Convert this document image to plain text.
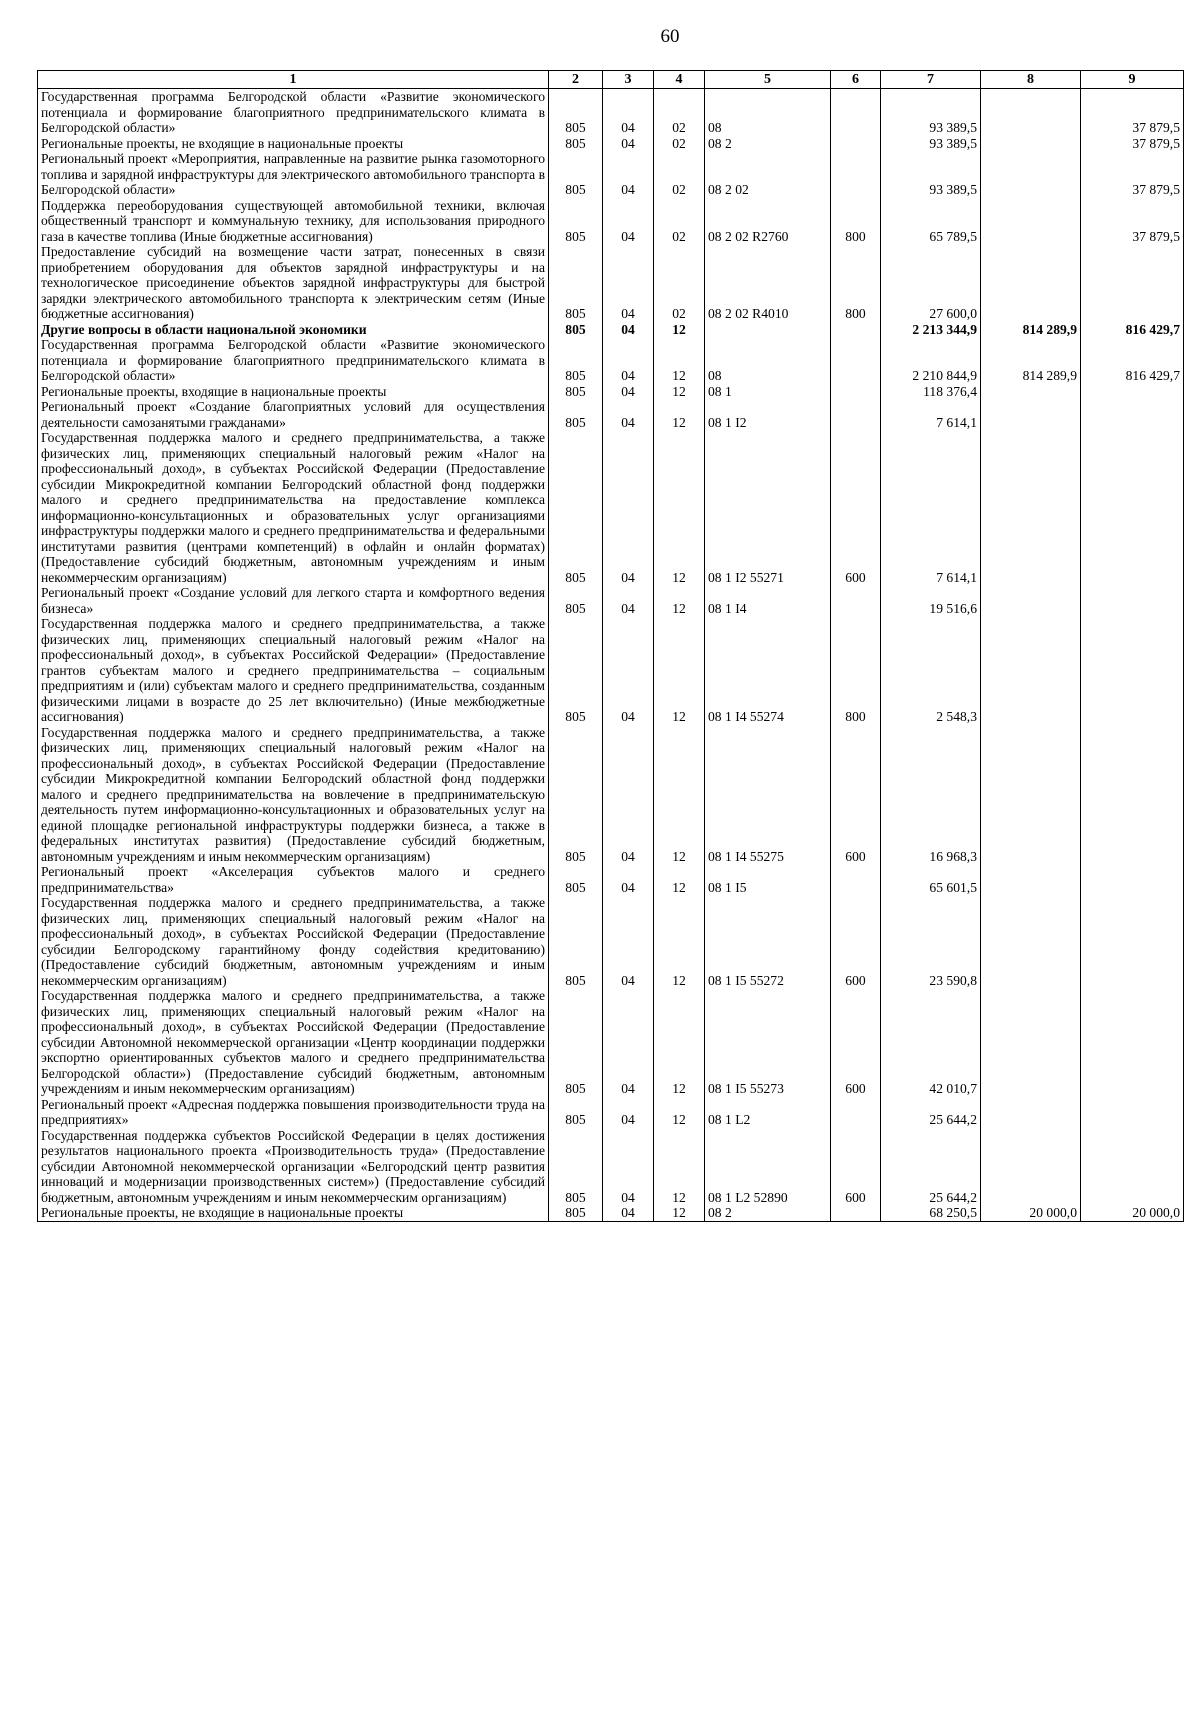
60
1	2	3	4	5	6	7	8	9
Государственная программа Белгородской области «Развитие экономического потенциала и формирование благоприятного предпринимательского климата в Белгородской области»	805	04	02	08		93 389,5		37 879,5
Региональные проекты, не входящие в национальные проекты	805	04	02	08 2		93 389,5		37 879,5
Региональный проект «Мероприятия, направленные на развитие рынка газомоторного топлива и зарядной инфраструктуры для электрического автомобильного транспорта в Белгородской области»	805	04	02	08 2 02		93 389,5		37 879,5
Поддержка переоборудования существующей автомобильной техники, включая общественный транспорт и коммунальную технику, для использования природного газа в качестве топлива (Иные бюджетные ассигнования)	805	04	02	08 2 02 R2760	800	65 789,5		37 879,5
Предоставление субсидий на возмещение части затрат, понесенных в связи приобретением оборудования для объектов зарядной инфраструктуры и на технологическое присоединение объектов зарядной инфраструктуры для быстрой зарядки электрического автомобильного транспорта к электрическим сетям (Иные бюджетные ассигнования)	805	04	02	08 2 02 R4010	800	27 600,0		
Другие вопросы в области национальной экономики	805	04	12			2 213 344,9	814 289,9	816 429,7
Государственная программа Белгородской области «Развитие экономического потенциала и формирование благоприятного предпринимательского климата в Белгородской области»	805	04	12	08		2 210 844,9	814 289,9	816 429,7
Региональные проекты, входящие в национальные проекты	805	04	12	08 1		118 376,4		
Региональный проект «Создание благоприятных условий для осуществления деятельности самозанятыми гражданами»	805	04	12	08 1 I2		7 614,1		
Государственная поддержка малого и среднего предпринимательства, а также физических лиц, применяющих специальный налоговый режим «Налог на профессиональный доход», в субъектах Российской Федерации (Предоставление субсидии Микрокредитной компании Белгородский областной фонд поддержки малого и среднего предпринимательства на предоставление комплекса информационно-консультационных и образовательных услуг организациями инфраструктуры поддержки малого и среднего предпринимательства и федеральными институтами развития (центрами компетенций) в офлайн и онлайн форматах) (Предоставление субсидий бюджетным, автономным учреждениям и иным некоммерческим организациям)	805	04	12	08 1 I2 55271	600	7 614,1		
Региональный проект «Создание условий для легкого старта и комфортного ведения бизнеса»	805	04	12	08 1 I4		19 516,6		
Государственная поддержка малого и среднего предпринимательства, а также физических лиц, применяющих специальный налоговый режим «Налог на профессиональный доход», в субъектах Российской Федерации» (Предоставление грантов субъектам малого и среднего предпринимательства – социальным предприятиям и (или) субъектам малого и среднего предпринимательства, созданным физическими лицами в возрасте до 25 лет включительно) (Иные межбюджетные ассигнования)	805	04	12	08 1 I4 55274	800	2 548,3		
Государственная поддержка малого и среднего предпринимательства, а также физических лиц, применяющих специальный налоговый режим «Налог на профессиональный доход», в субъектах Российской Федерации (Предоставление субсидии Микрокредитной компании Белгородский областной фонд поддержки малого и среднего предпринимательства на вовлечение в предпринимательскую деятельность путем информационно-консультационных и образовательных услуг на единой площадке региональной инфраструктуры поддержки бизнеса, а также в федеральных институтах развития) (Предоставление субсидий бюджетным, автономным учреждениям и иным некоммерческим организациям)	805	04	12	08 1 I4 55275	600	16 968,3		
Региональный проект «Акселерация субъектов малого и среднего предпринимательства»	805	04	12	08 1 I5		65 601,5		
Государственная поддержка малого и среднего предпринимательства, а также физических лиц, применяющих специальный налоговый режим «Налог на профессиональный доход», в субъектах Российской Федерации (Предоставление субсидии Белгородскому гарантийному фонду содействия кредитованию) (Предоставление субсидий бюджетным, автономным учреждениям и иным некоммерческим организациям)	805	04	12	08 1 I5 55272	600	23 590,8		
Государственная поддержка малого и среднего предпринимательства, а также физических лиц, применяющих специальный налоговый режим «Налог на профессиональный доход», в субъектах Российской Федерации (Предоставление субсидии Автономной некоммерческой организации «Центр координации поддержки экспортно ориентированных субъектов малого и среднего предпринимательства Белгородской области») (Предоставление субсидий бюджетным, автономным учреждениям и иным некоммерческим организациям)	805	04	12	08 1 I5 55273	600	42 010,7		
Региональный проект «Адресная поддержка повышения производительности труда на предприятиях»	805	04	12	08 1 L2		25 644,2		
Государственная поддержка субъектов Российской Федерации в целях достижения результатов национального проекта «Производительность труда» (Предоставление субсидии Автономной некоммерческой организации «Белгородский центр развития инноваций и модернизации производственных систем») (Предоставление субсидий бюджетным, автономным учреждениям и иным некоммерческим организациям)	805	04	12	08 1 L2 52890	600	25 644,2		
Региональные проекты, не входящие в национальные проекты	805	04	12	08 2		68 250,5	20 000,0	20 000,0
